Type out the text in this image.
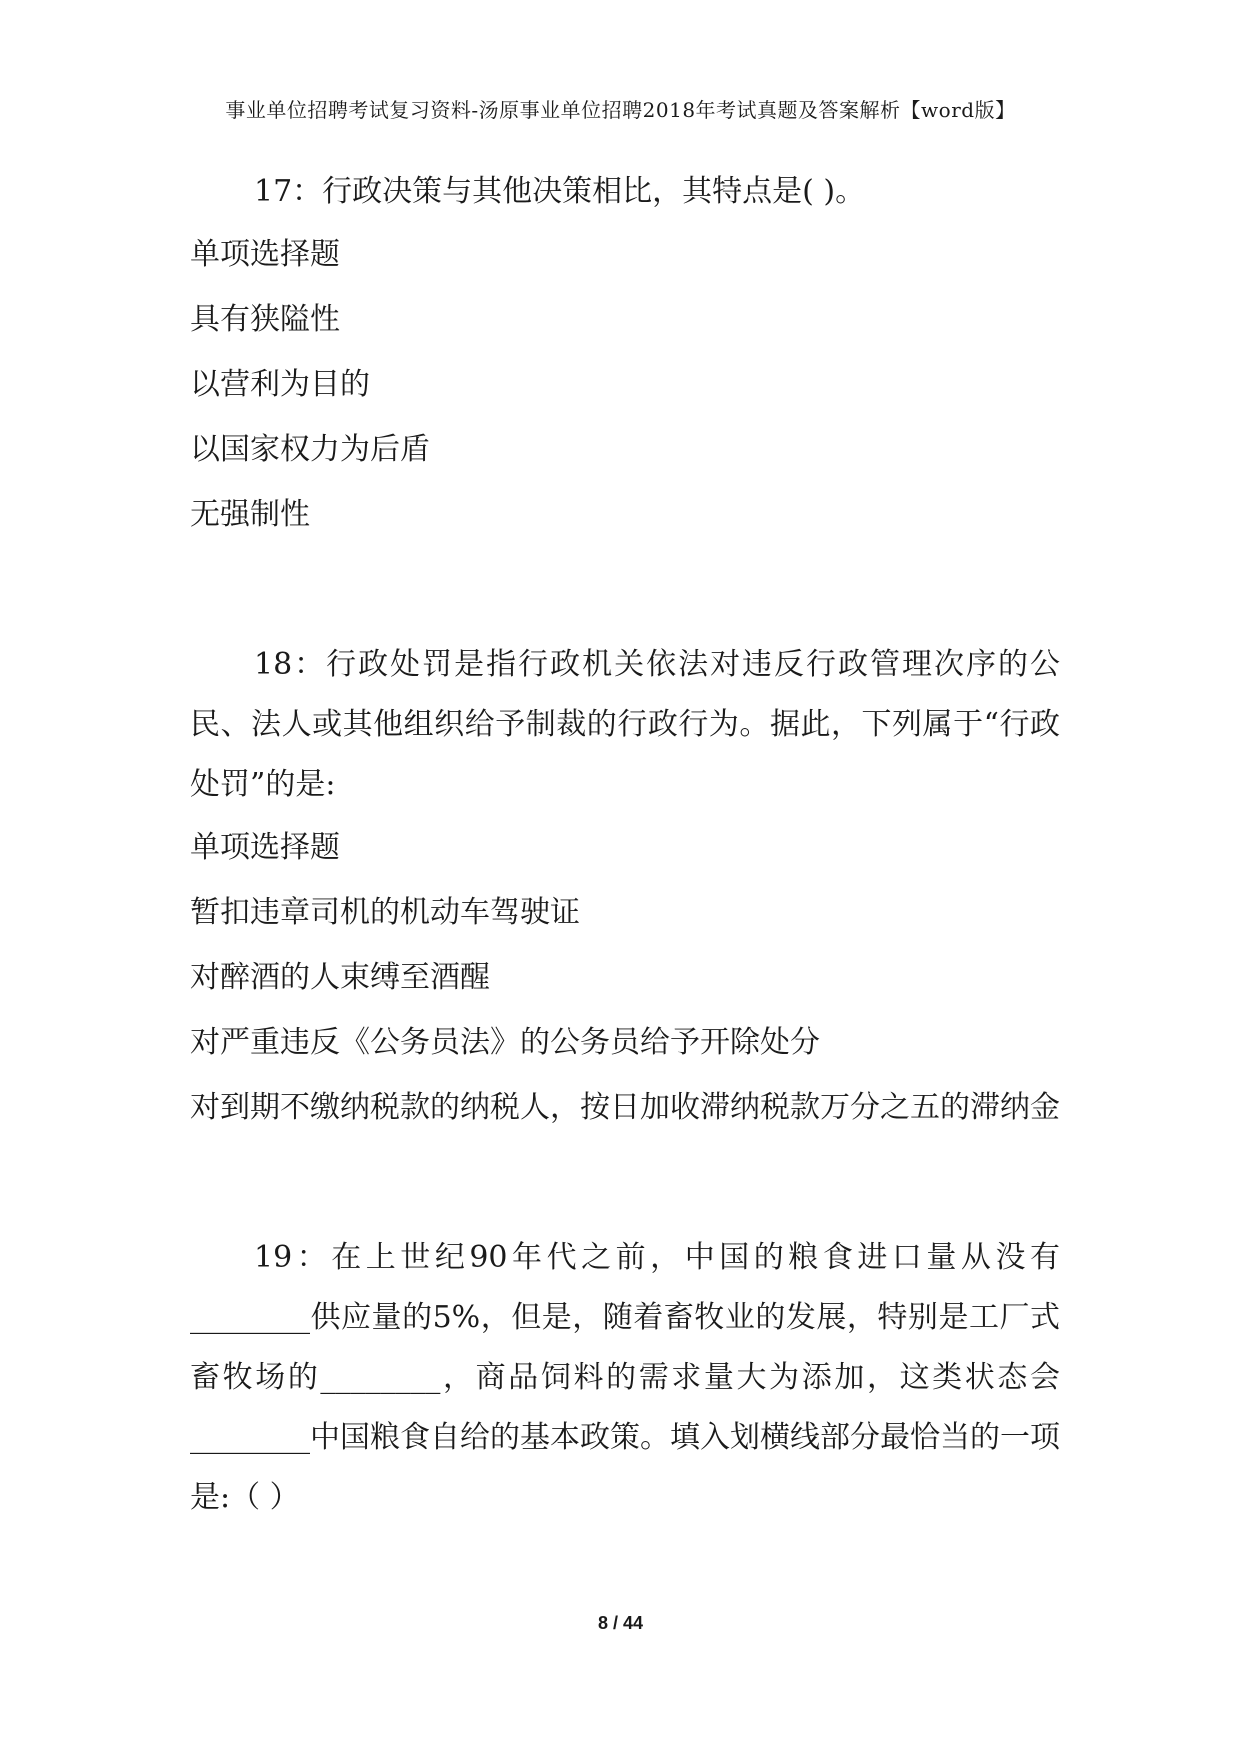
事业单位招聘考试复习资料-汤原事业单位招聘2018年考试真题及答案解析【word版】
17：行政决策与其他决策相比，其特点是( )。
单项选择题
具有狭隘性
以营利为目的
以国家权力为后盾
无强制性
18：行政处罚是指行政机关依法对违反行政管理次序的公民、法人或其他组织给予制裁的行政行为。据此，下列属于“行政处罚”的是:
单项选择题
暂扣违章司机的机动车驾驶证
对醉酒的人束缚至酒醒
对严重违反《公务员法》的公务员给予开除处分
对到期不缴纳税款的纳税人，按日加收滞纳税款万分之五的滞纳金
19：在上世纪90年代之前，中国的粮食进口量从没有________供应量的5%，但是，随着畜牧业的发展，特别是工厂式畜牧场的________，商品饲料的需求量大为添加，这类状态会________中国粮食自给的基本政策。填入划横线部分最恰当的一项是:（ ）
8 / 44
